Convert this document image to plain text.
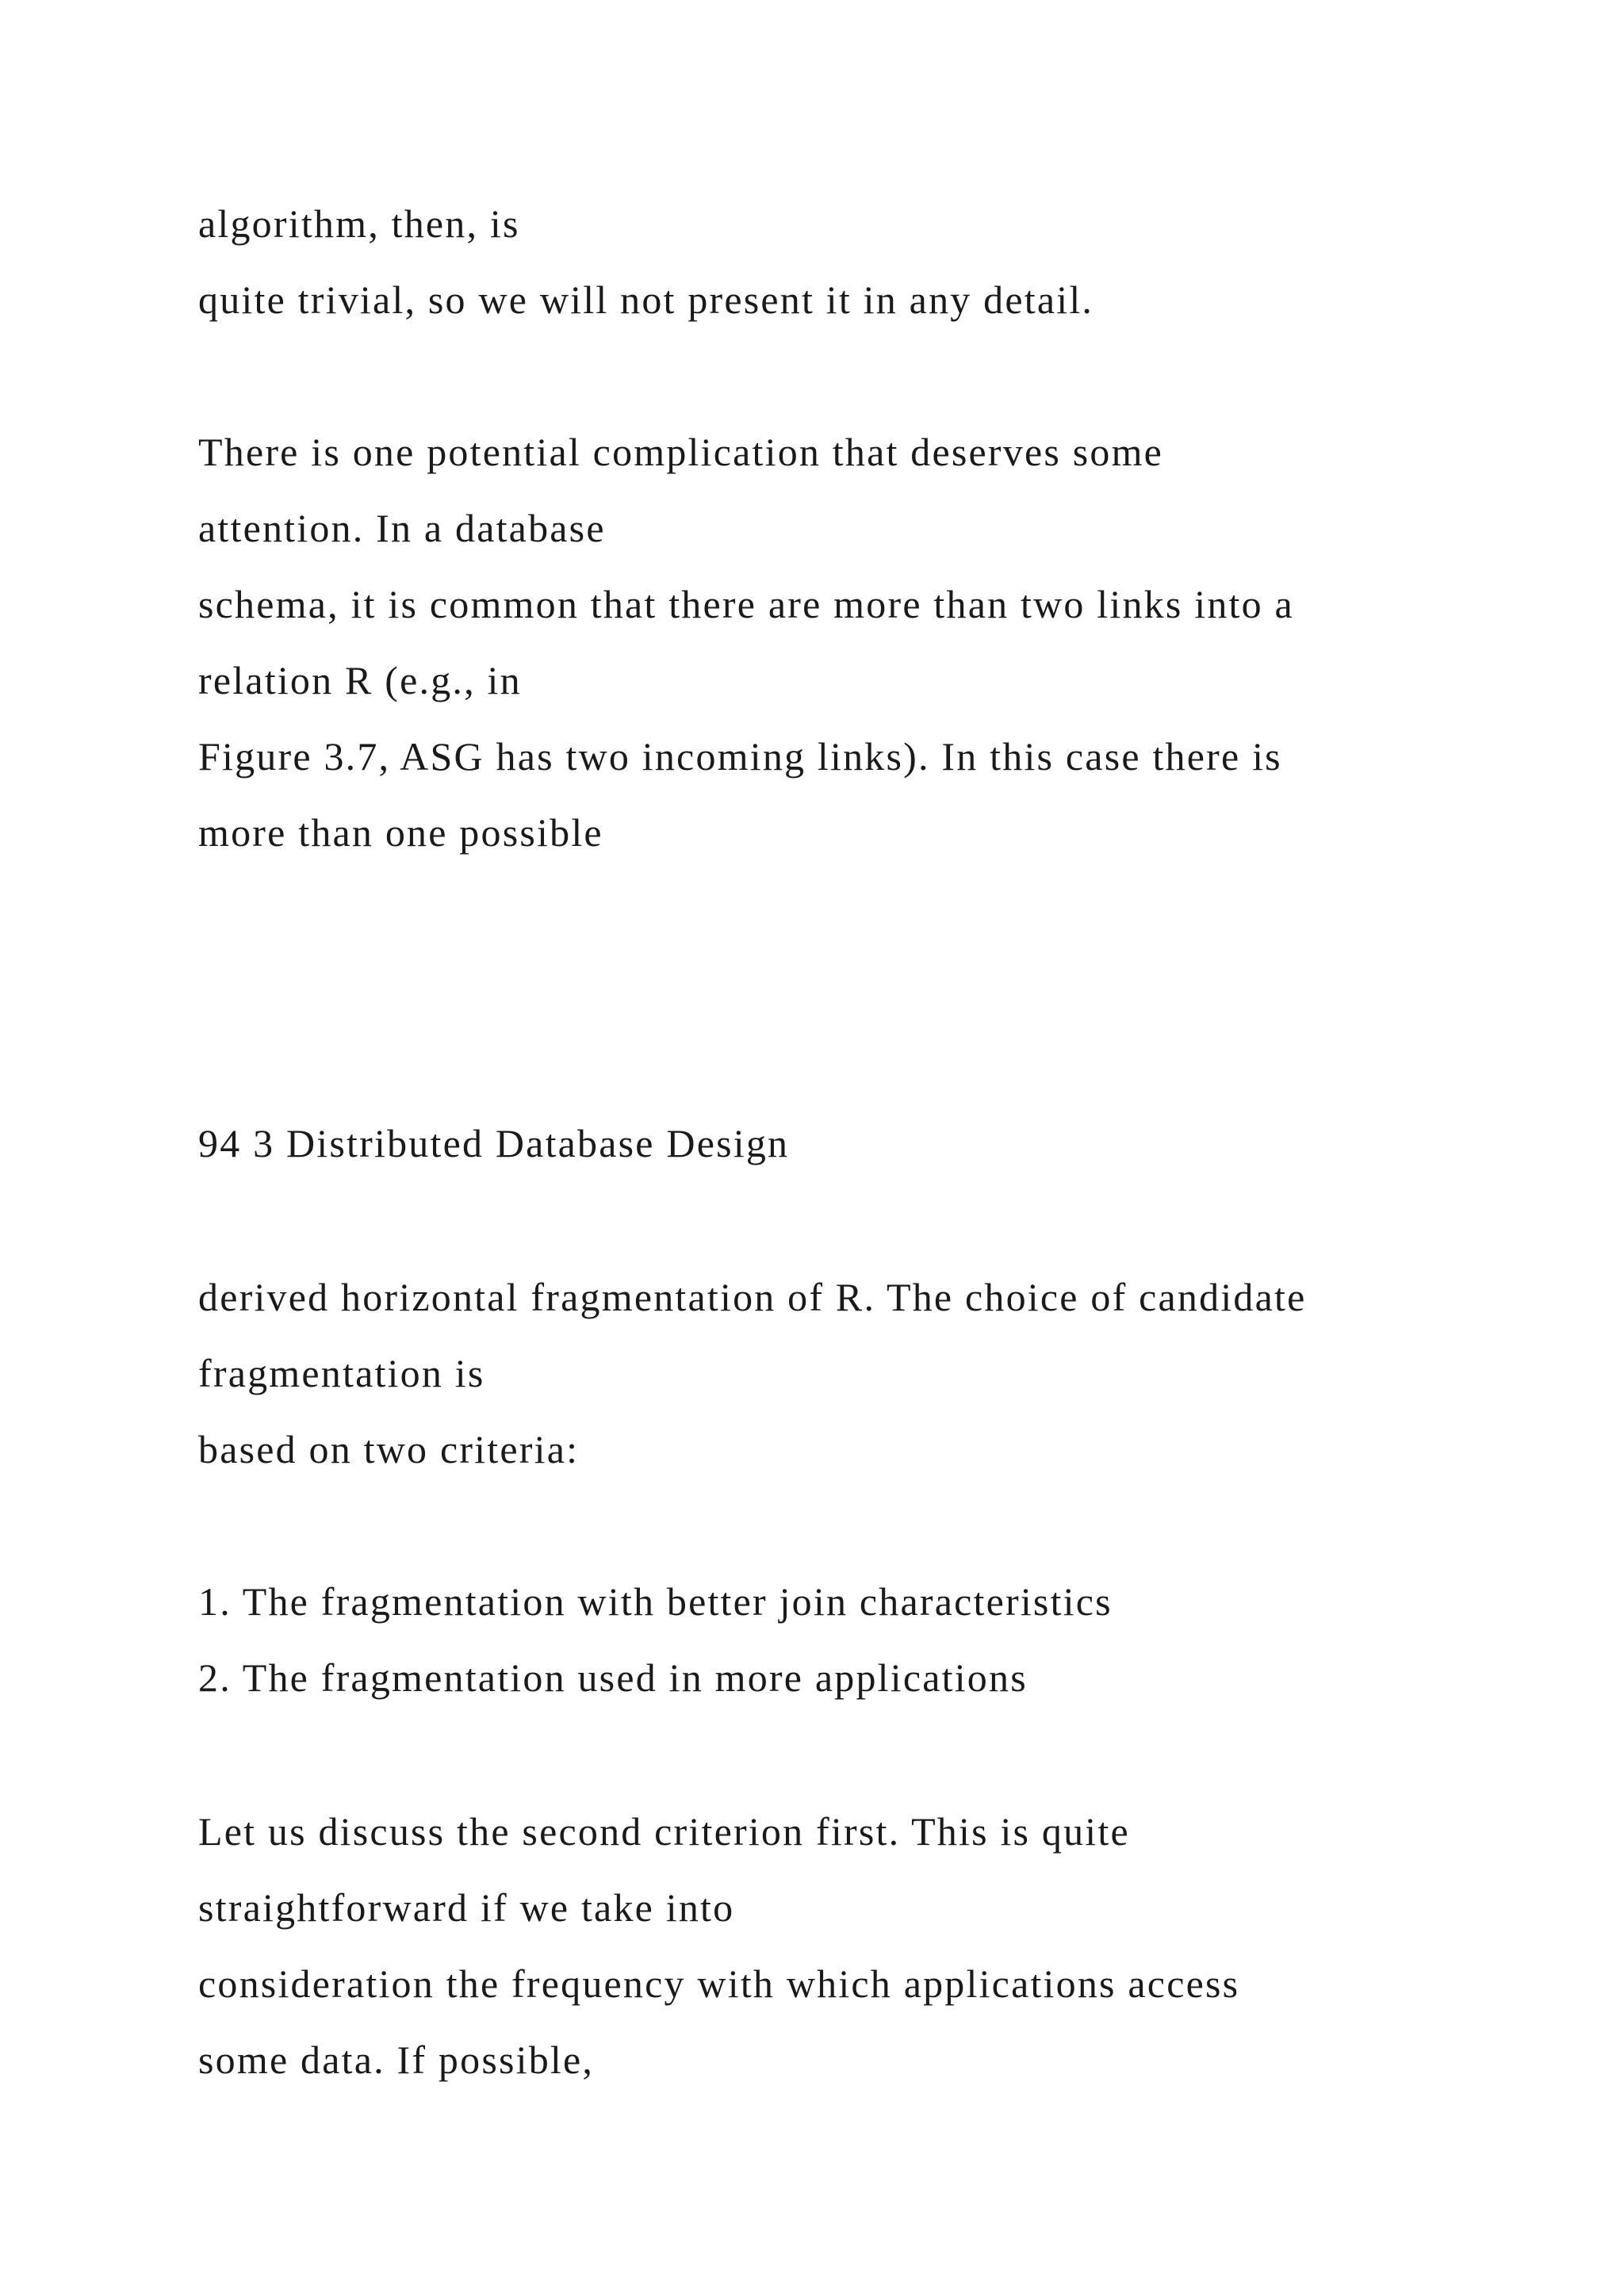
algorithm, then, is

quite trivial, so we will not present it in any detail.

There is one potential complication that deserves some

attention. In a database

schema, it is common that there are more than two links into a

relation R (e.g., in

Figure 3.7, ASG has two incoming links). In this case there is

more than one possible

94 3 Distributed Database Design

derived horizontal fragmentation of R. The choice of candidate

fragmentation is

based on two criteria:

1. The fragmentation with better join characteristics

2. The fragmentation used in more applications

Let us discuss the second criterion first. This is quite

straightforward if we take into

consideration the frequency with which applications access

some data. If possible,
